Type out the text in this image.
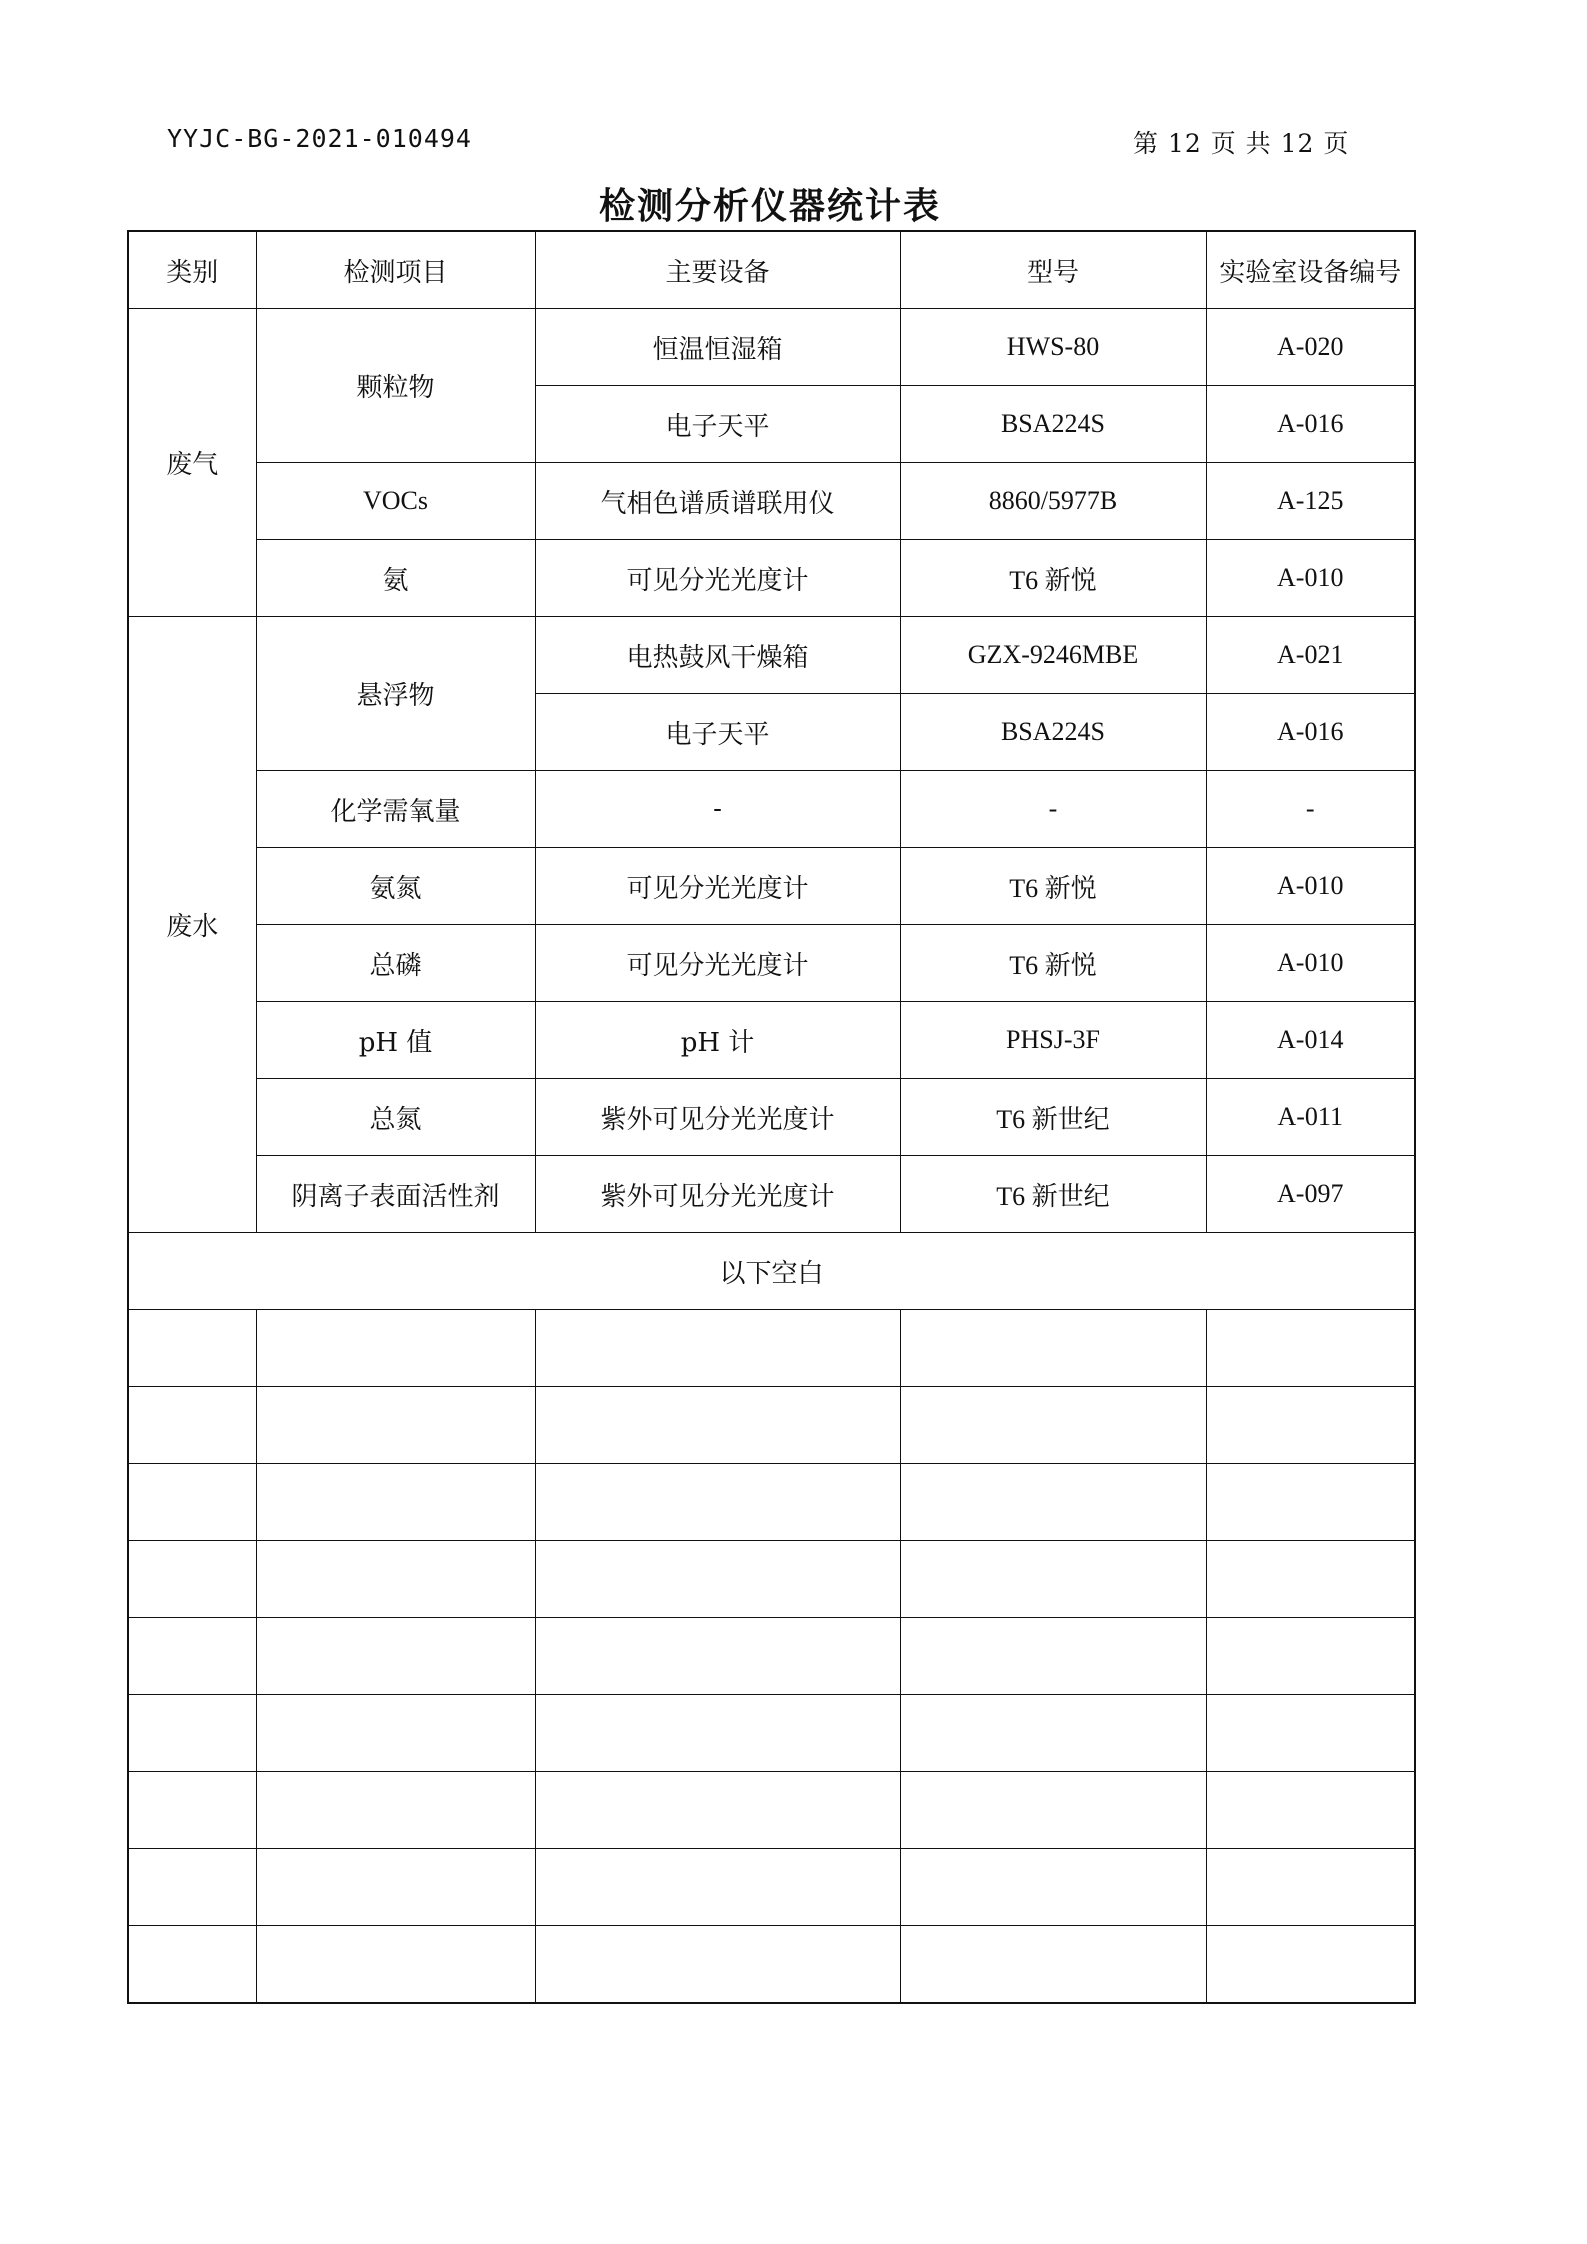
YYJC-BG-2021-010494	第 12 页 共 12 页
检测分析仪器统计表
类别	检测项目	主要设备	型号	实验室设备编号
废气	颗粒物	恒温恒湿箱	HWS-80	A-020
		电子天平	BSA224S	A-016
	VOCs	气相色谱质谱联用仪	8860/5977B	A-125
	氨	可见分光光度计	T6 新悦	A-010
废水	悬浮物	电热鼓风干燥箱	GZX-9246MBE	A-021
		电子天平	BSA224S	A-016
	化学需氧量	-	-	-
	氨氮	可见分光光度计	T6 新悦	A-010
	总磷	可见分光光度计	T6 新悦	A-010
	pH 值	pH 计	PHSJ-3F	A-014
	总氮	紫外可见分光光度计	T6 新世纪	A-011
	阴离子表面活性剂	紫外可见分光光度计	T6 新世纪	A-097
以下空白				
